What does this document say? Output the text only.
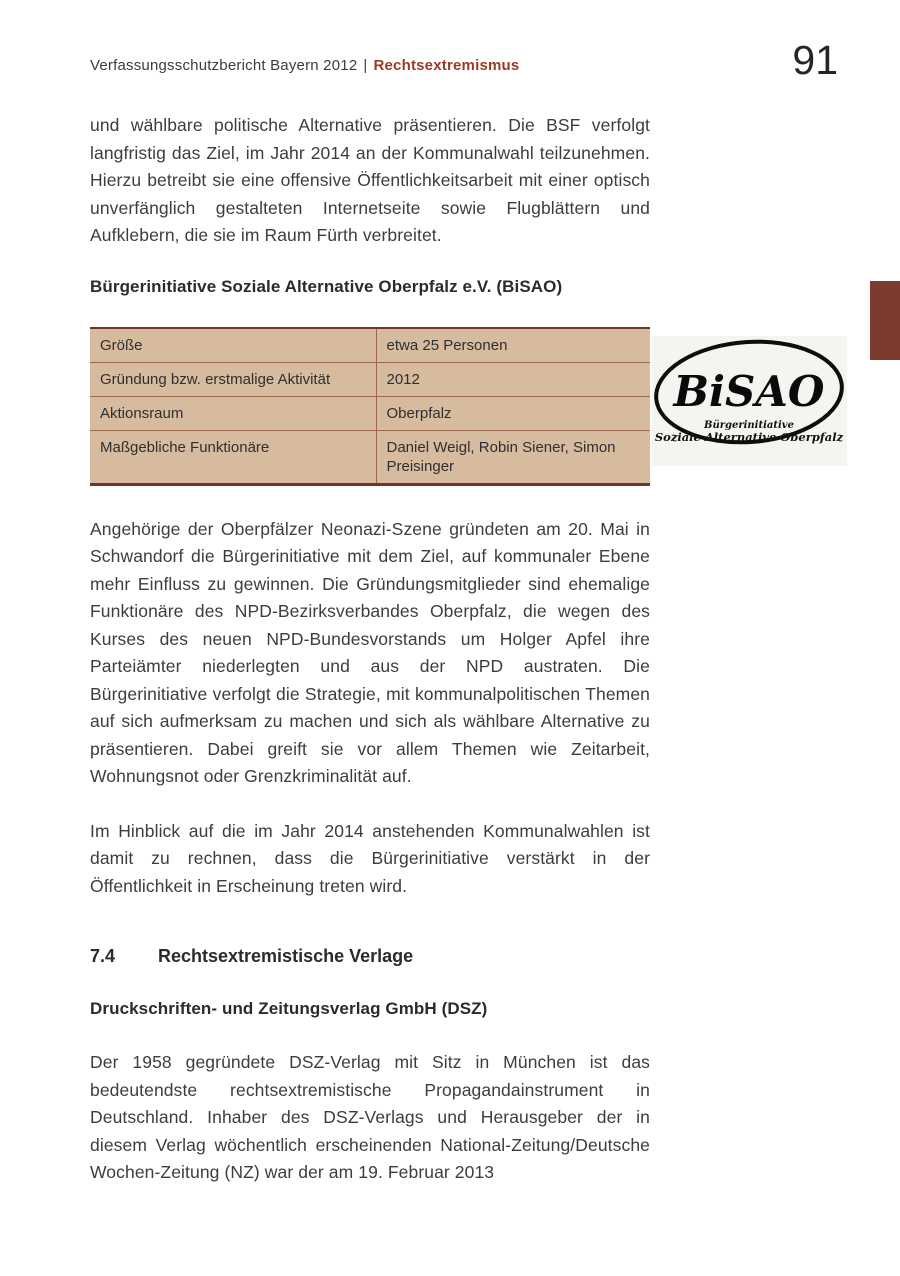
Verfassungsschutzbericht Bayern 2012 | Rechtsextremismus	91

und wählbare politische Alternative präsentieren. Die BSF verfolgt langfristig das Ziel, im Jahr 2014 an der Kommunalwahl teilzunehmen. Hierzu betreibt sie eine offensive Öffentlichkeitsarbeit mit einer optisch unverfänglich gestalteten Internetseite sowie Flugblättern und Aufklebern, die sie im Raum Fürth verbreitet.

Bürgerinitiative Soziale Alternative Oberpfalz e.V. (BiSAO)
Größe	etwa 25 Personen
Gründung bzw. erstmalige Aktivität	2012
Aktionsraum	Oberpfalz
Maßgebliche Funktionäre	Daniel Weigl, Robin Siener, Simon Preisinger

Angehörige der Oberpfälzer Neonazi-Szene gründeten am 20. Mai in Schwandorf die Bürgerinitiative mit dem Ziel, auf kommunaler Ebene mehr Einfluss zu gewinnen. Die Gründungsmitglieder sind ehemalige Funktionäre des NPD-Bezirksverbandes Oberpfalz, die wegen des Kurses des neuen NPD-Bundesvorstands um Holger Apfel ihre Parteiämter niederlegten und aus der NPD austraten. Die Bürgerinitiative verfolgt die Strategie, mit kommunalpolitischen Themen auf sich aufmerksam zu machen und sich als wählbare Alternative zu präsentieren. Dabei greift sie vor allem Themen wie Zeitarbeit, Wohnungsnot oder Grenzkriminalität auf.

Im Hinblick auf die im Jahr 2014 anstehenden Kommunalwahlen ist damit zu rechnen, dass die Bürgerinitiative verstärkt in der Öffentlichkeit in Erscheinung treten wird.

7.4 Rechtsextremistische Verlage
Druckschriften- und Zeitungsverlag GmbH (DSZ)

Der 1958 gegründete DSZ-Verlag mit Sitz in München ist das bedeutendste rechtsextremistische Propagandainstrument in Deutschland. Inhaber des DSZ-Verlags und Herausgeber der in diesem Verlag wöchentlich erscheinenden National-Zeitung/Deutsche Wochen-Zeitung (NZ) war der am 19. Februar 2013

BiSAO
Bürgerinitiative
Soziale Alternative Oberpfalz
